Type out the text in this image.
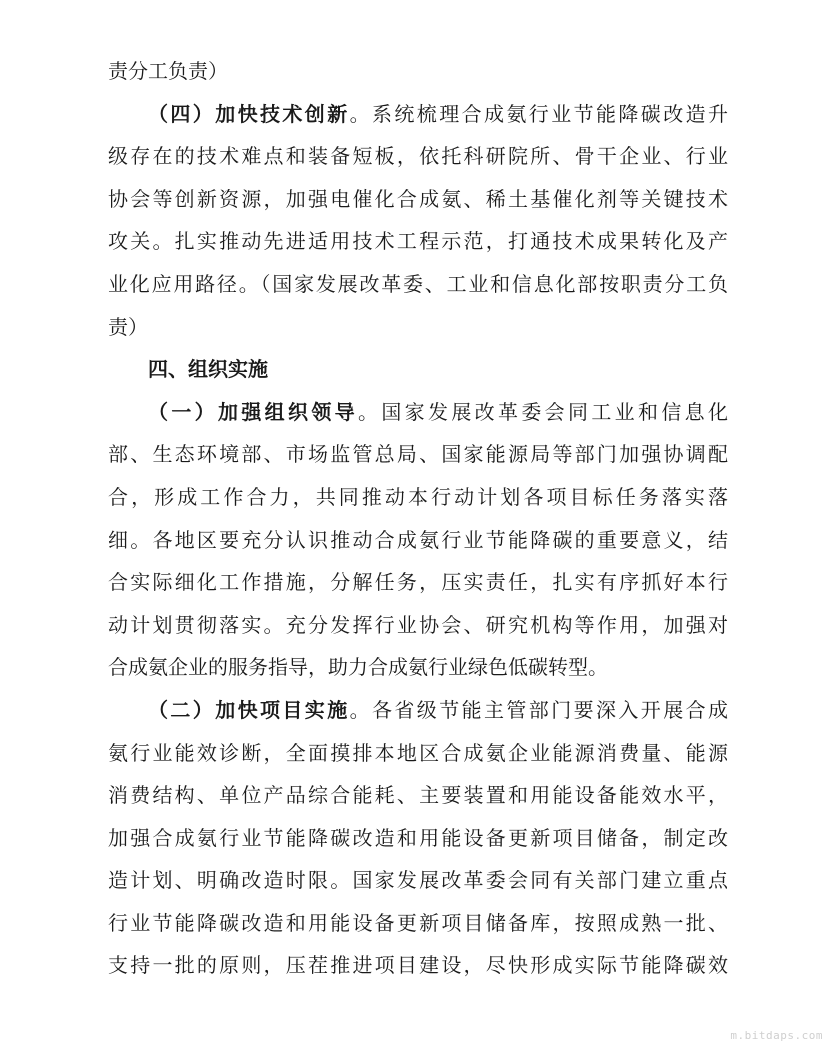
责分工负责）
（四）加快技术创新。系统梳理合成氨行业节能降碳改造升
级存在的技术难点和装备短板，依托科研院所、骨干企业、行业
协会等创新资源，加强电催化合成氨、稀土基催化剂等关键技术
攻关。扎实推动先进适用技术工程示范，打通技术成果转化及产
业化应用路径。（国家发展改革委、工业和信息化部按职责分工负
责）
四、组织实施
（一）加强组织领导。国家发展改革委会同工业和信息化
部、生态环境部、市场监管总局、国家能源局等部门加强协调配
合，形成工作合力，共同推动本行动计划各项目标任务落实落
细。各地区要充分认识推动合成氨行业节能降碳的重要意义，结
合实际细化工作措施，分解任务，压实责任，扎实有序抓好本行
动计划贯彻落实。充分发挥行业协会、研究机构等作用，加强对
合成氨企业的服务指导，助力合成氨行业绿色低碳转型。
（二）加快项目实施。各省级节能主管部门要深入开展合成
氨行业能效诊断，全面摸排本地区合成氨企业能源消费量、能源
消费结构、单位产品综合能耗、主要装置和用能设备能效水平，
加强合成氨行业节能降碳改造和用能设备更新项目储备，制定改
造计划、明确改造时限。国家发展改革委会同有关部门建立重点
行业节能降碳改造和用能设备更新项目储备库，按照成熟一批、
支持一批的原则，压茬推进项目建设，尽快形成实际节能降碳效
m.bitdaps.com
